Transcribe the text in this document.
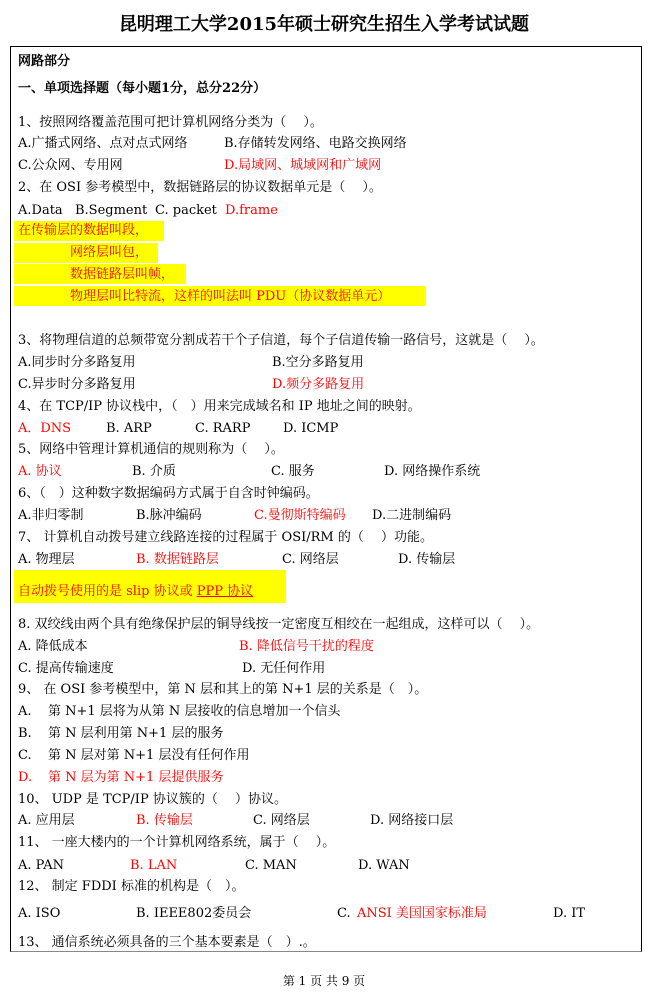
昆明理工大学2015年硕士研究生招生入学考试试题
网路部分
一、单项选择题（每小题1分，总分22分）
1、按照网络覆盖范围可把计算机网络分类为（　 ）。
A.广播式网络、点对点式网络	B.存储转发网络、电路交换网络
C.公众网、专用网	D.局域网、城域网和广域网
2、在 OSI 参考模型中，数据链路层的协议数据单元是（　 ）。
A.Data B.Segment C. packet D.frame
在传输层的数据叫段，
网络层叫包，
数据链路层叫帧，
物理层叫比特流，这样的叫法叫 PDU（协议数据单元）
3、将物理信道的总频带宽分割成若干个子信道，每个子信道传输一路信号，这就是（　 ）。
A.同步时分多路复用	B.空分多路复用
C.异步时分多路复用	D.频分多路复用
4、在 TCP/IP 协议栈中，（　）用来完成域名和 IP 地址之间的映射。
A．DNS	B. ARP	C. RARP	D. ICMP
5、网络中管理计算机通信的规则称为（　 ）。
A. 协议	B. 介质	C. 服务	D. 网络操作系统
6、（　）这种数字数据编码方式属于自含时钟编码。
A.非归零制	B.脉冲编码	C.曼彻斯特编码 D.二进制编码
7、 计算机自动拨号建立线路连接的过程属于 OSI/RM 的（　 ）功能。
A. 物理层	B. 数据链路层	C. 网络层	D. 传输层
自动拨号使用的是 slip 协议或 PPP 协议
8. 双绞线由两个具有绝缘保护层的铜导线按一定密度互相绞在一起组成，这样可以（　 ）。
A. 降低成本	B. 降低信号干扰的程度
C. 提高传输速度	D. 无任何作用
9、 在 OSI 参考模型中，第 N 层和其上的第 N+1 层的关系是（　）。
A. 第 N+1 层将为从第 N 层接收的信息增加一个信头
B. 第 N 层利用第 N+1 层的服务
C. 第 N 层对第 N+1 层没有任何作用
D. 第 N 层为第 N+1 层提供服务
10、 UDP 是 TCP/IP 协议簇的（　 ）协议。
A. 应用层	B. 传输层	C. 网络层	D. 网络接口层
11、 一座大楼内的一个计算机网络系统，属于（　 ）。
A. PAN	B. LAN	C. MAN	D. WAN
12、 制定 FDDI 标准的机构是（　）。
A. ISO	B. IEEE802委员会	C. ANSI 美国国家标准局	D. IT
13、 通信系统必须具备的三个基本要素是（　）.。
第 1 页 共 9 页
